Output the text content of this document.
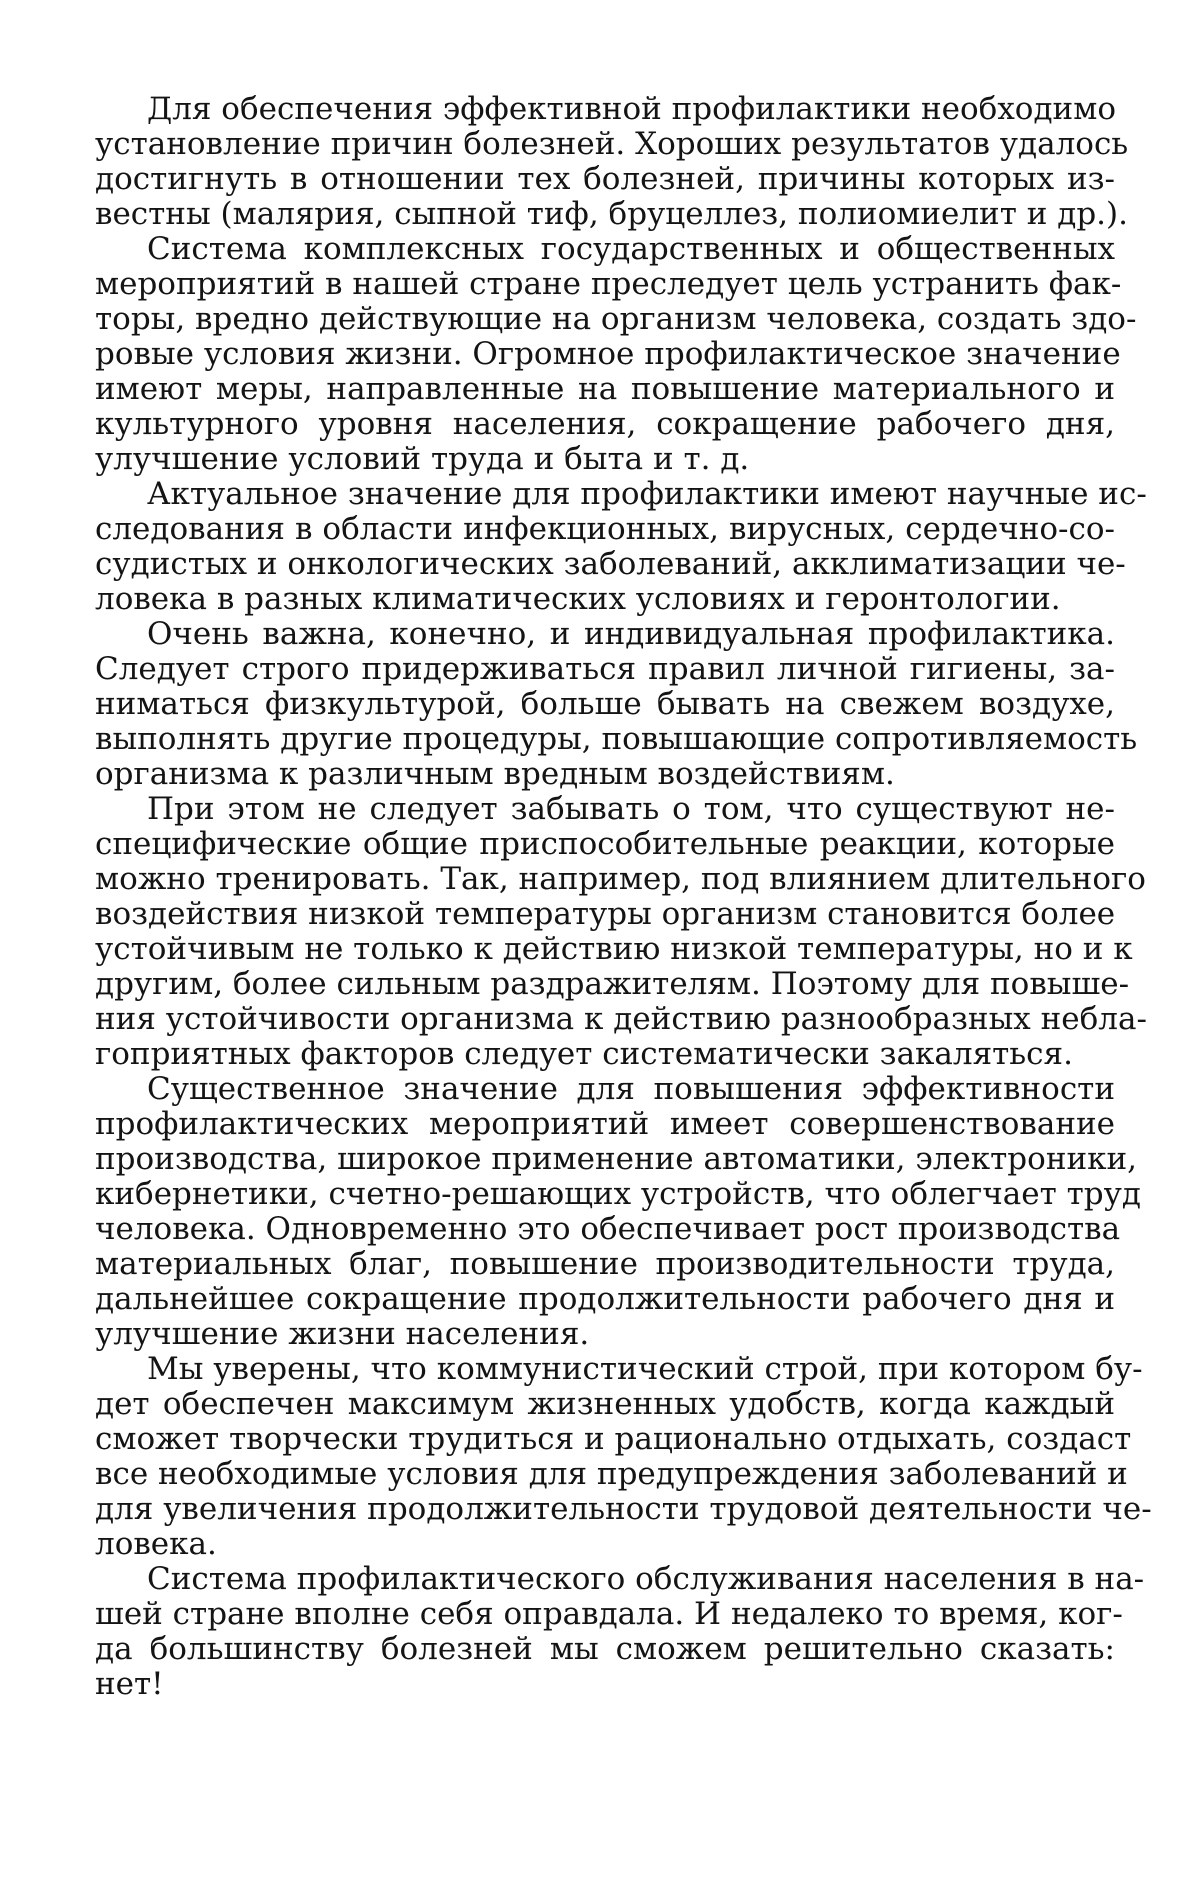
Для обеспечения эффективной профилактики необходимо
установление причин болезней. Хороших результатов удалось
достигнуть в отношении тех болезней, причины которых из-
вестны (малярия, сыпной тиф, бруцеллез, полиомиелит и др.).
Система комплексных государственных и общественных
мероприятий в нашей стране преследует цель устранить фак-
торы, вредно действующие на организм человека, создать здо-
ровые условия жизни. Огромное профилактическое значение
имеют меры, направленные на повышение материального и
культурного уровня населения, сокращение рабочего дня,
улучшение условий труда и быта и т. д.
Актуальное значение для профилактики имеют научные ис-
следования в области инфекционных, вирусных, сердечно-со-
судистых и онкологических заболеваний, акклиматизации че-
ловека в разных климатических условиях и геронтологии.
Очень важна, конечно, и индивидуальная профилактика.
Следует строго придерживаться правил личной гигиены, за-
ниматься физкультурой, больше бывать на свежем воздухе,
выполнять другие процедуры, повышающие сопротивляемость
организма к различным вредным воздействиям.
При этом не следует забывать о том, что существуют не-
специфические общие приспособительные реакции, которые
можно тренировать. Так, например, под влиянием длительного
воздействия низкой температуры организм становится более
устойчивым не только к действию низкой температуры, но и к
другим, более сильным раздражителям. Поэтому для повыше-
ния устойчивости организма к действию разнообразных небла-
гоприятных факторов следует систематически закаляться.
Существенное значение для повышения эффективности
профилактических мероприятий имеет совершенствование
производства, широкое применение автоматики, электроники,
кибернетики, счетно-решающих устройств, что облегчает труд
человека. Одновременно это обеспечивает рост производства
материальных благ, повышение производительности труда,
дальнейшее сокращение продолжительности рабочего дня и
улучшение жизни населения.
Мы уверены, что коммунистический строй, при котором бу-
дет обеспечен максимум жизненных удобств, когда каждый
сможет творчески трудиться и рационально отдыхать, создаст
все необходимые условия для предупреждения заболеваний и
для увеличения продолжительности трудовой деятельности че-
ловека.
Система профилактического обслуживания населения в на-
шей стране вполне себя оправдала. И недалеко то время, ког-
да большинству болезней мы сможем решительно сказать:
нет!
